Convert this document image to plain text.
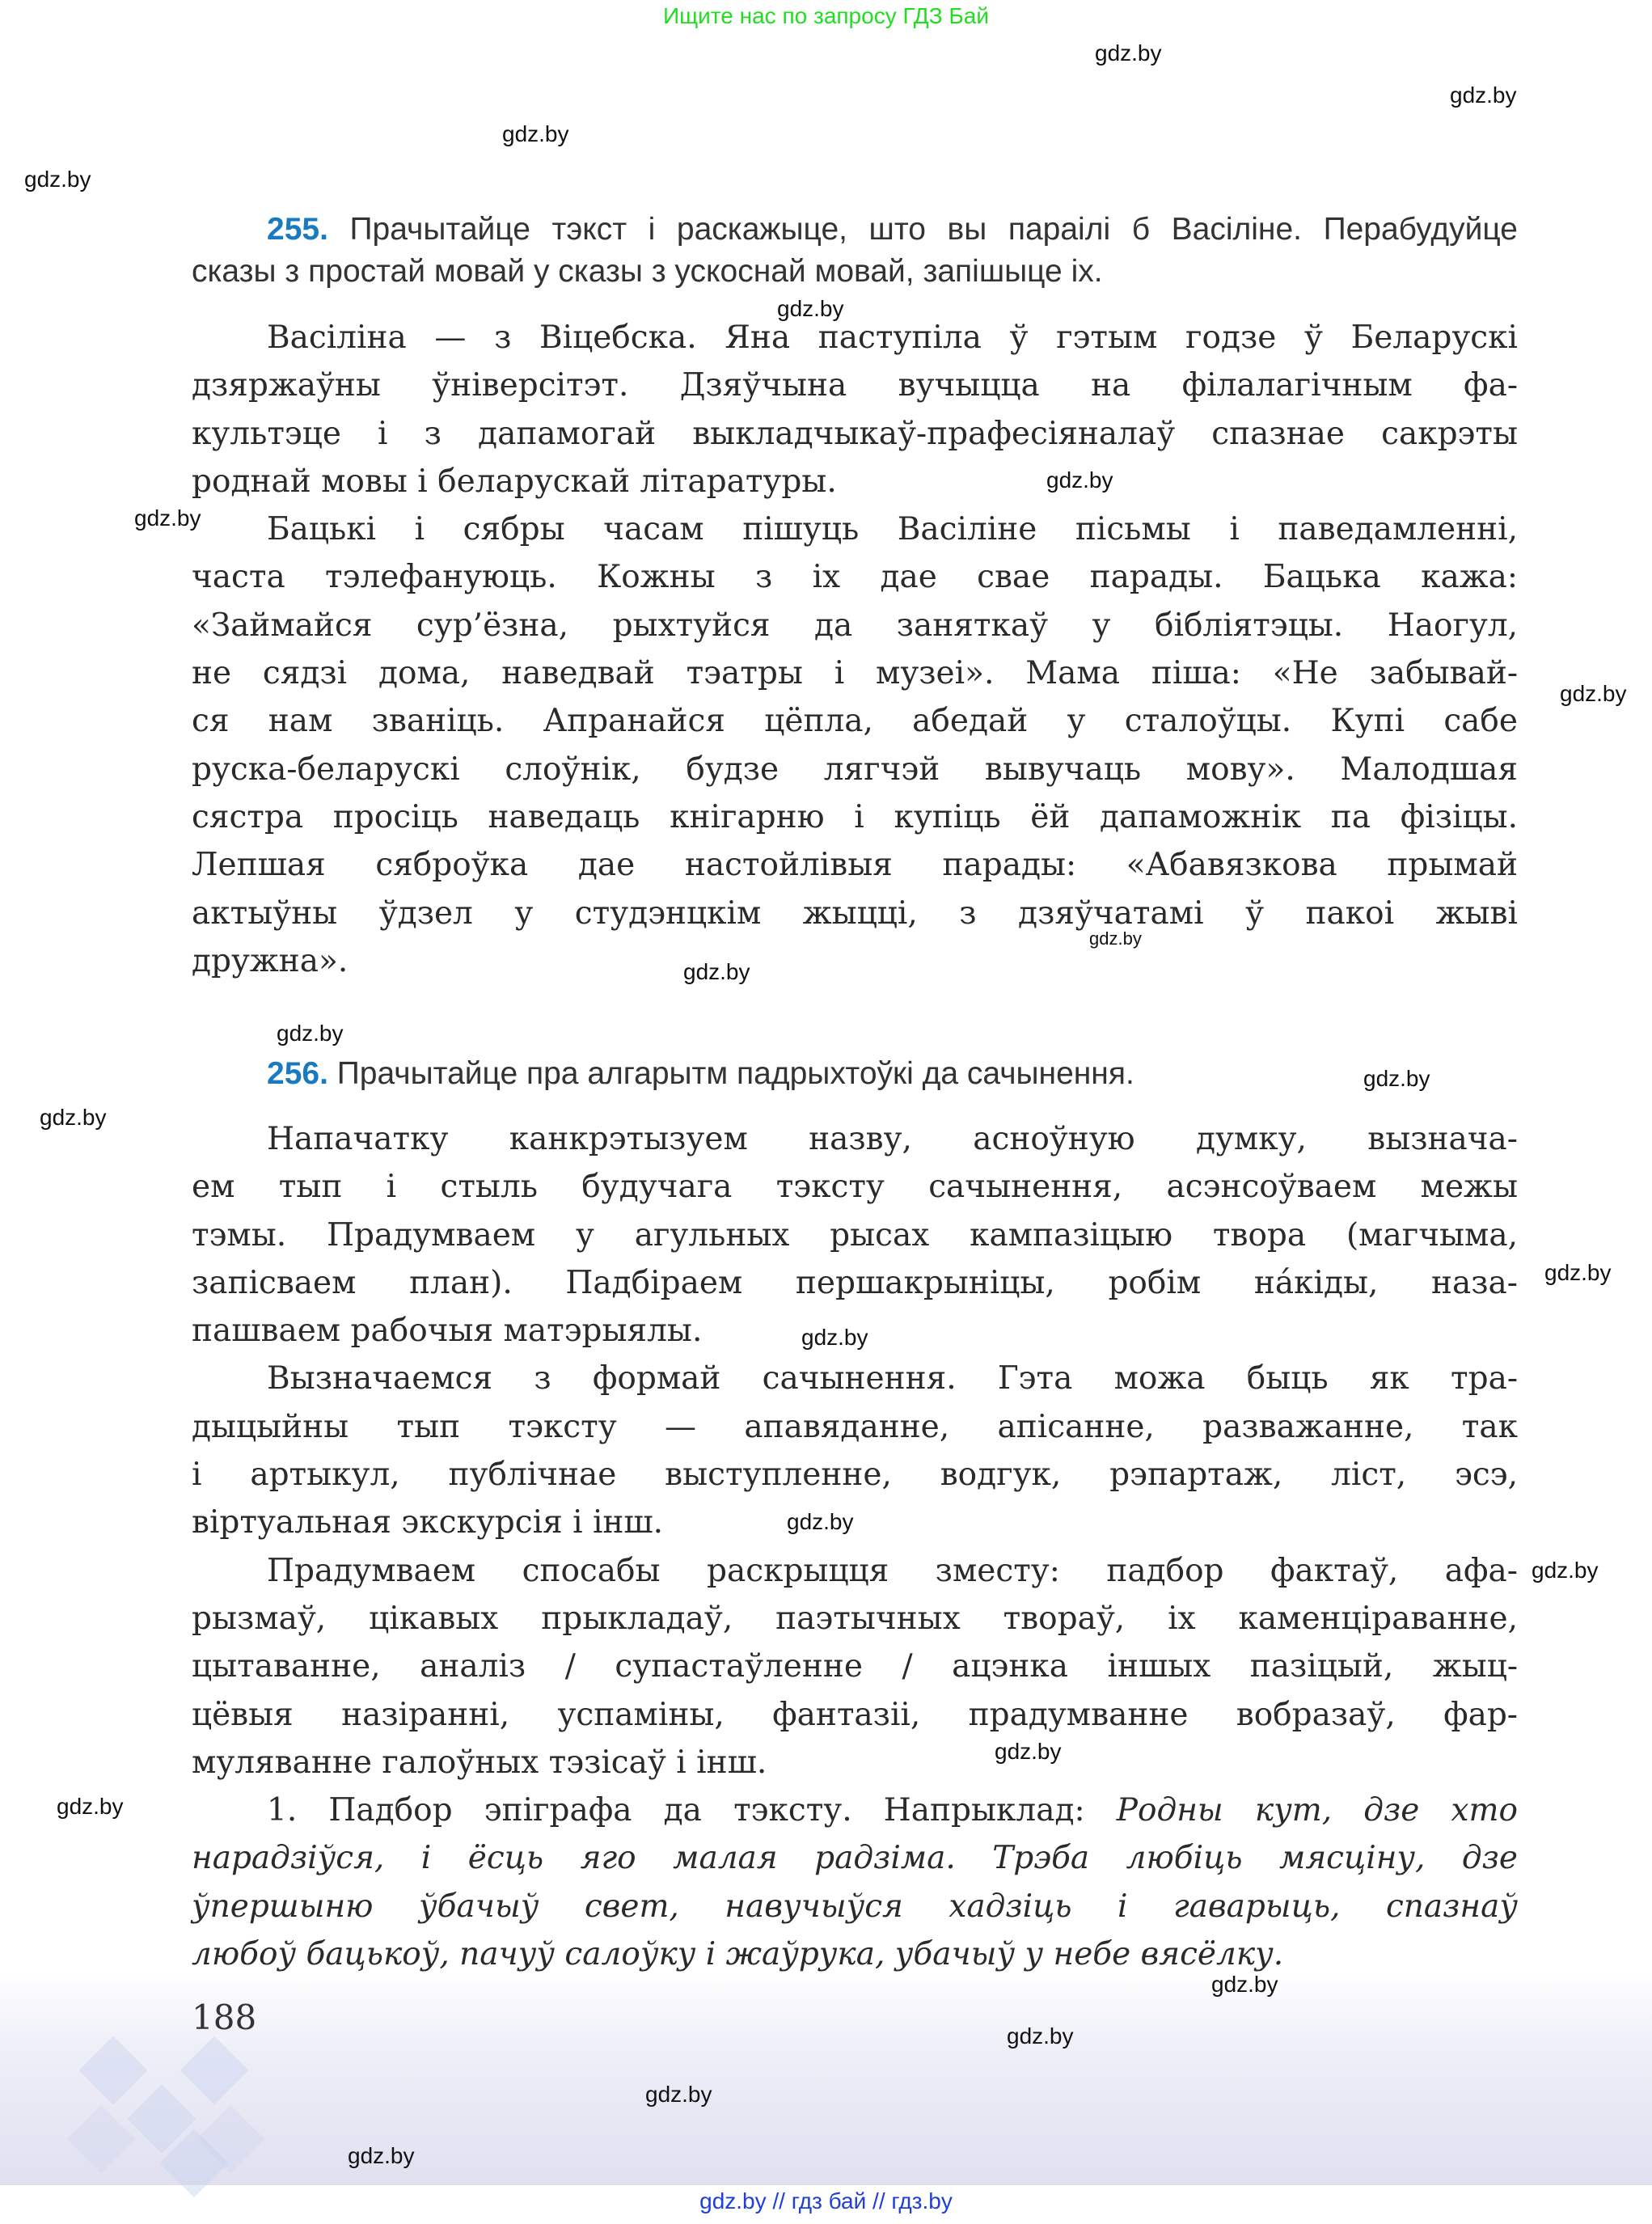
Ищите нас по запросу ГДЗ Бай
255. Прачытайце тэкст і раскажыце, што вы параілі б Васіліне. Перабудуйце
сказы з простай мовай у сказы з ускоснай мовай, запішыце іх.
Васіліна — з Віцебска. Яна паступіла ў гэтым годзе ў Беларускі
дзяржаўны ўніверсітэт. Дзяўчына вучыцца на філалагічным фа-
культэце і з дапамогай выкладчыкаў-прафесіяналаў спазнае сакрэты
роднай мовы і беларускай літаратуры.
Бацькі і сябры часам пішуць Васіліне пісьмы і паведамленні,
часта тэлефануюць. Кожны з іх дае свае парады. Бацька кажа:
«Займайся сур’ёзна, рыхтуйся да заняткаў у бібліятэцы. Наогул,
не сядзі дома, наведвай тэатры і музеі». Мама піша: «Не забывай-
ся нам званіць. Апранайся цёпла, абедай у сталоўцы. Купі сабе
руска-беларускі слоўнік, будзе лягчэй вывучаць мову». Малодшая
сястра просіць наведаць кнігарню і купіць ёй дапаможнік па фізіцы.
Лепшая сяброўка дае настойлівыя парады: «Абавязкова прымай
актыўны ўдзел у студэнцкім жыцці, з дзяўчатамі ў пакоі жыві
дружна».
256. Прачытайце пра алгарытм падрыхтоўкі да сачынення.
Напачатку канкрэтызуем назву, асноўную думку, вызнача-
ем тып і стыль будучага тэксту сачынення, асэнсоўваем межы
тэмы. Прадумваем у агульных рысах кампазіцыю твора (магчыма,
запісваем план). Падбіраем першакрыніцы, робім на́кіды, наза-
пашваем рабочыя матэрыялы.
Вызначаемся з формай сачынення. Гэта можа быць як тра-
дыцыйны тып тэксту — апавяданне, апісанне, разважанне, так
і артыкул, публічнае выступленне, водгук, рэпартаж, ліст, эсэ,
віртуальная экскурсія і інш.
Прадумваем спосабы раскрыцця зместу: падбор фактаў, афа-
рызмаў, цікавых прыкладаў, паэтычных твораў, іх каменціраванне,
цытаванне, аналіз / супастаўленне / ацэнка іншых пазіцый, жыц-
цёвыя назіранні, успаміны, фантазіі, прадумванне вобразаў, фар-
муляванне галоўных тэзісаў і інш.
1. Падбор эпіграфа да тэксту. Напрыклад: Родны кут, дзе хто
нарадзіўся, і ёсць яго малая радзіма. Трэба любіць мясціну, дзе
ўпершыню ўбачыў свет, навучыўся хадзіць і гаварыць, спазнаў
любоў бацькоў, пачуў салоўку і жаўрука, убачыў у небе вясёлку.
188
gdz.by
gdz.by
gdz.by
gdz.by
gdz.by
gdz.by
gdz.by
gdz.by
gdz.by
gdz.by
gdz.by
gdz.by
gdz.by
gdz.by
gdz.by
gdz.by
gdz.by
gdz.by
gdz.by
gdz.by
gdz.by
gdz.by
gdz.by
gdz.by // гдз бай // гдз.by
